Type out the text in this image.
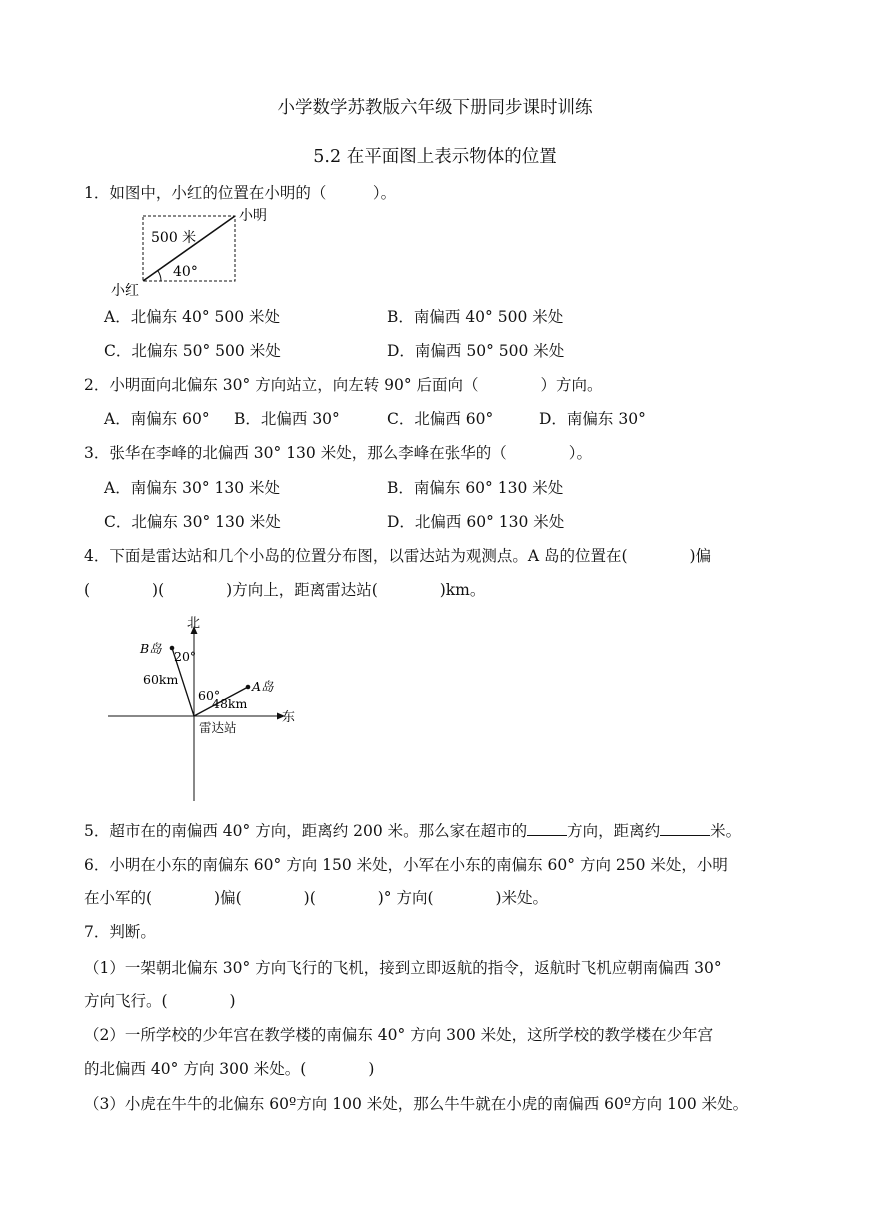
小学数学苏教版六年级下册同步课时训练
5.2 在平面图上表示物体的位置
1．如图中，小红的位置在小明的（　　　）。
小明
500 米
40°
小红
A．北偏东 40° 500 米处	B．南偏西 40° 500 米处
C．北偏东 50° 500 米处	D．南偏西 50° 500 米处
2．小明面向北偏东 30° 方向站立，向左转 90° 后面向（　　　　）方向。
A．南偏东 60° B．北偏西 30°	C．北偏西 60°	D．南偏东 30°
3．张华在李峰的北偏西 30° 130 米处，那么李峰在张华的（　　　　）。
A．南偏东 30° 130 米处	B．南偏东 60° 130 米处
C．北偏东 30° 130 米处	D．北偏西 60° 130 米处
4．下面是雷达站和几个小岛的位置分布图，以雷达站为观测点。A 岛的位置在(　　　　)偏
(　　　　)(　　　　)方向上，距离雷达站(　　　　)km。
北
B岛
20°
60km
60°
A岛
48km
东
雷达站
5．超市在的南偏西 40° 方向，距离约 200 米。那么家在超市的	方向，距离约	米。
6．小明在小东的南偏东 60° 方向 150 米处，小军在小东的南偏东 60° 方向 250 米处，小明
在小军的(　　　　)偏(　　　　)(　　　　)° 方向(　　　　)米处。
7．判断。
（1）一架朝北偏东 30° 方向飞行的飞机，接到立即返航的指令，返航时飞机应朝南偏西 30°
方向飞行。(　　　　)
（2）一所学校的少年宫在教学楼的南偏东 40° 方向 300 米处，这所学校的教学楼在少年宫
的北偏西 40° 方向 300 米处。(　　　　)
（3）小虎在牛牛的北偏东 60º方向 100 米处，那么牛牛就在小虎的南偏西 60º方向 100 米处。
